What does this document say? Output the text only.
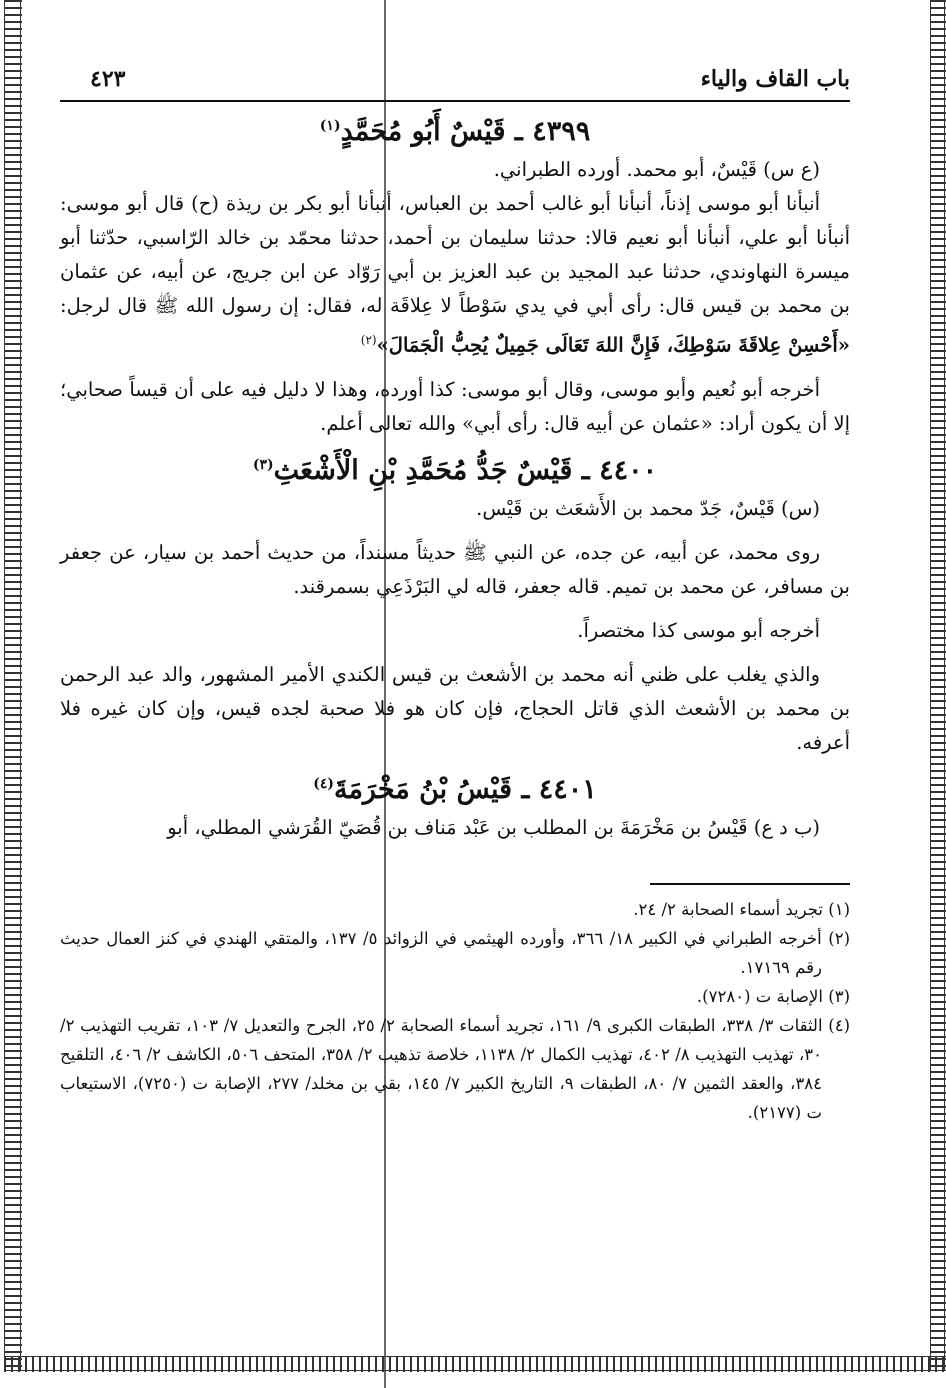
باب القاف والياء
٤٢٣
٤٣٩٩ ـ قَيْسٌ أَبُو مُحَمَّدٍ$^{(١)}$

(ع س) قَيْسٌ، أبو محمد. أورده الطبراني.

أنبأنا أبو موسى إذناً، أنبأنا أبو غالب أحمد بن العباس، أنبأنا أبو بكر بن ريذة (ح) قال أبو موسى: أنبأنا أبو علي، أنبأنا أبو نعيم قالا: حدثنا سليمان بن أحمد، حدثنا محمّد بن خالد الرّاسبي، حدّثنا أبو ميسرة النهاوندي، حدثنا عبد المجيد بن عبد العزيز بن أبي رَوّاد عن ابن جريج، عن أبيه، عن عثمان بن محمد بن قيس قال: رأى أبي في يدي سَوْطاً لا عِلاقَة له، فقال: إن رسول الله ﷺ قال لرجل: «أَحْسِنْ عِلاقَةَ سَوْطِكَ، فَإِنَّ اللهَ تَعَالَى جَمِيلٌ يُحِبُّ الْجَمَالَ»$^{(٢)}$

أخرجه أبو نُعيم وأبو موسى، وقال أبو موسى: كذا أورده، وهذا لا دليل فيه على أن قيساً صحابي؛ إلا أن يكون أراد: «عثمان عن أبيه قال: رأى أبي» والله تعالى أعلم.

٤٤٠٠ ـ قَيْسٌ جَدُّ مُحَمَّدِ بْنِ الْأَشْعَثِ$^{(٣)}$

(س) قَيْسٌ، جَدّ محمد بن الأَشعَث بن قَيْس.

روى محمد، عن أبيه، عن جده، عن النبي ﷺ حديثاً مسنداً، من حديث أحمد بن سيار، عن جعفر بن مسافر، عن محمد بن تميم. قاله جعفر، قاله لي البَرْذَعِي بسمرقند.

أخرجه أبو موسى كذا مختصراً.

والذي يغلب على ظني أنه محمد بن الأشعث بن قيس الكندي الأمير المشهور، والد عبد الرحمن بن محمد بن الأشعث الذي قاتل الحجاج، فإن كان هو فلا صحبة لجده قيس، وإن كان غيره فلا أعرفه.

٤٤٠١ ـ قَيْسُ بْنُ مَخْرَمَةَ$^{(٤)}$

(ب د ع) قَيْسُ بن مَخْرَمَةَ بن المطلب بن عَبْد مَناف بن قُصَيّ القُرَشي المطلي، أبو

(١) تجريد أسماء الصحابة ٢/ ٢٤.
(٢) أخرجه الطبراني في الكبير ١٨/ ٣٦٦، وأورده الهيثمي في الزوائد ٥/ ١٣٧، والمتقي الهندي في كنز العمال حديث رقم ١٧١٦٩.
(٣) الإصابة ت (٧٢٨٠).
(٤) الثقات ٣/ ٣٣٨، الطبقات الكبرى ٩/ ١٦١، تجريد أسماء الصحابة ٢/ ٢٥، الجرح والتعديل ٧/ ١٠٣، تقريب التهذيب ٢/ ٣٠، تهذيب التهذيب ٨/ ٤٠٢، تهذيب الكمال ٢/ ١١٣٨، خلاصة تذهيب ٢/ ٣٥٨، المتحف ٥٠٦، الكاشف ٢/ ٤٠٦، التلقيح ٣٨٤، والعقد الثمين ٧/ ٨٠، الطبقات ٩، التاريخ الكبير ٧/ ١٤٥، بقي بن مخلد/ ٢٧٧، الإصابة ت (٧٢٥٠)، الاستيعاب ت (٢١٧٧).
